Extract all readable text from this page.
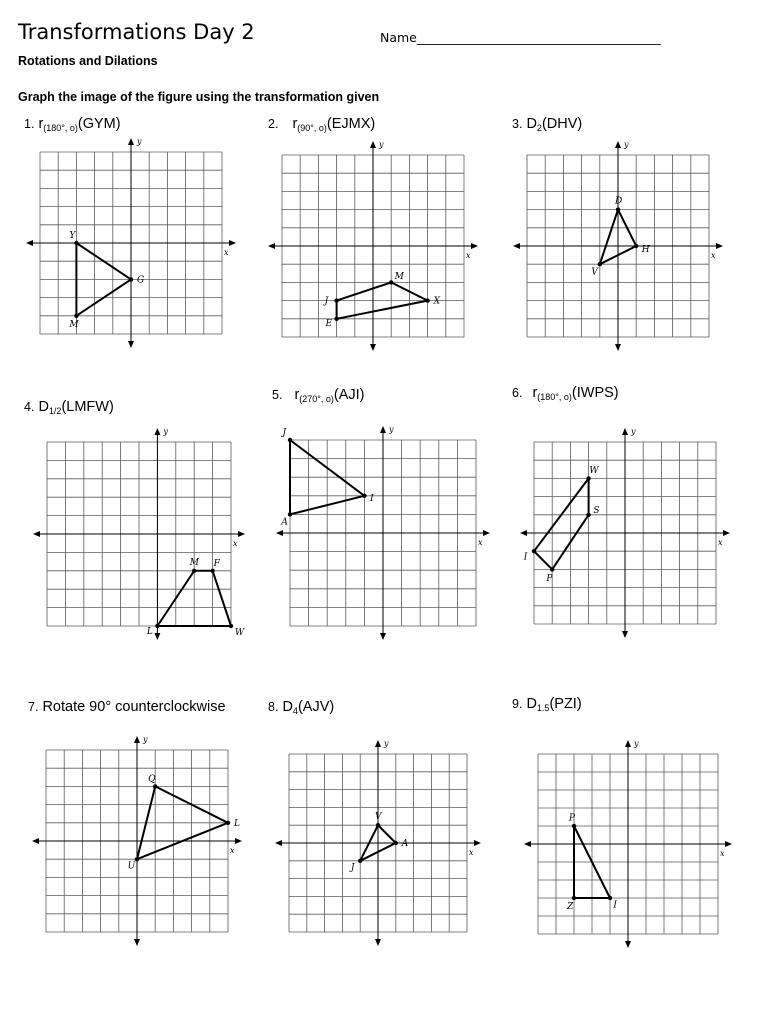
Transformations Day 2	Name_______________________________________
Rotations and Dilations
Graph the image of the figure using the transformation given
1. $r_{(180^\circ, o)}(GYM)$	2. $r_{(90^\circ, o)}(EJMX)$	3. $D_2(DHV)$
4. $D_{1/2}(LMFW)$
5. $r_{(270^\circ, o)}(AJI)$	6. $r_{(180^\circ, o)}(IWPS)$
7. Rotate 90° counterclockwise	8. $D_4(AJV)$	9. $D_{1.5}(PZI)$
x
y
Y
G
M
x
y
E
J
M
X
x
y
D
H
V
x
y
L
M F
W
x
y
A
J
I
x
y
I
W
S
P
x
y
U
Q
L
x
y
J
V
A
x
y
P
Z	I
